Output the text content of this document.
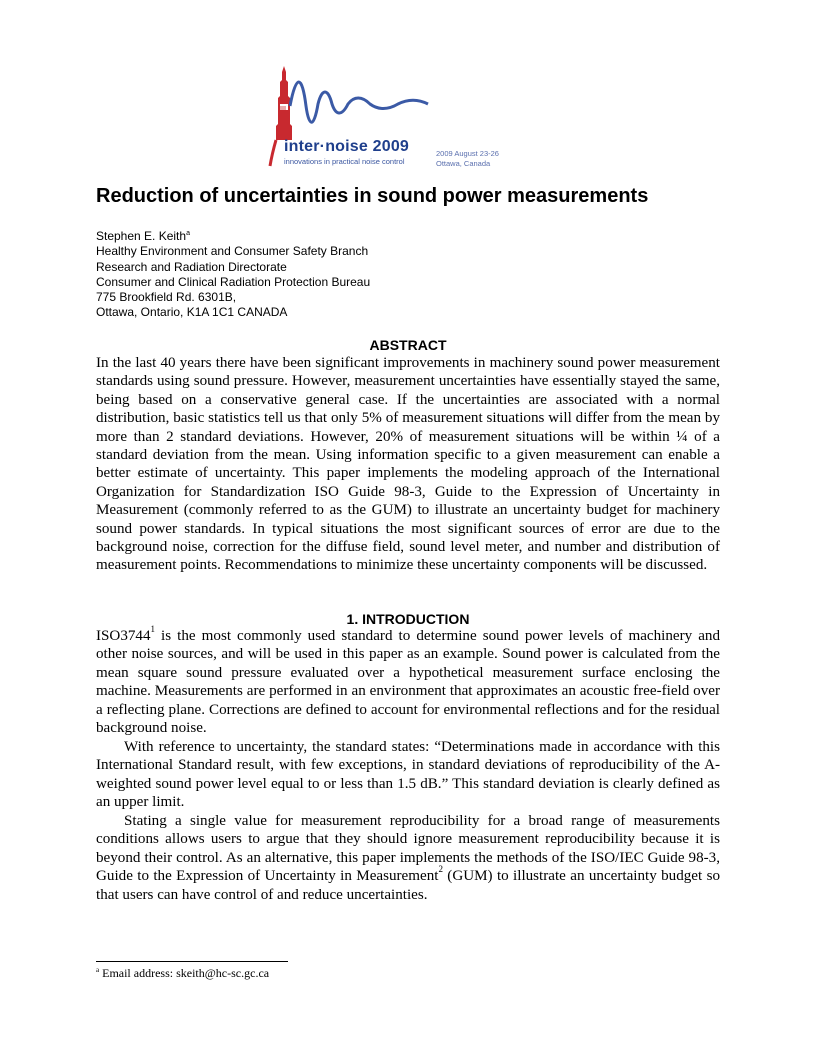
inter·noise 2009
innovations in practical noise control
2009 August 23-26
Ottawa, Canada
Reduction of uncertainties in sound power measurements
Stephen E. Keith$^a$
Healthy Environment and Consumer Safety Branch
Research and Radiation Directorate
Consumer and Clinical Radiation Protection Bureau
775 Brookfield Rd. 6301B,
Ottawa, Ontario, K1A 1C1 CANADA
ABSTRACT

In the last 40 years there have been significant improvements in machinery sound power measurement standards using sound pressure. However, measurement uncertainties have essentially stayed the same, being based on a conservative general case. If the uncertainties are associated with a normal distribution, basic statistics tell us that only 5% of measurement situations will differ from the mean by more than 2 standard deviations. However, 20% of measurement situations will be within ¼ of a standard deviation from the mean. Using information specific to a given measurement can enable a better estimate of uncertainty. This paper implements the modeling approach of the International Organization for Standardization ISO Guide 98-3, Guide to the Expression of Uncertainty in Measurement (commonly referred to as the GUM) to illustrate an uncertainty budget for machinery sound power standards. In typical situations the most significant sources of error are due to the background noise, correction for the diffuse field, sound level meter, and number and distribution of measurement points. Recommendations to minimize these uncertainty components will be discussed.

1. INTRODUCTION

ISO3744$^1$ is the most commonly used standard to determine sound power levels of machinery and other noise sources, and will be used in this paper as an example. Sound power is calculated from the mean square sound pressure evaluated over a hypothetical measurement surface enclosing the machine. Measurements are performed in an environment that approximates an acoustic free-field over a reflecting plane. Corrections are defined to account for environmental reflections and for the residual background noise.

With reference to uncertainty, the standard states: “Determinations made in accordance with this International Standard result, with few exceptions, in standard deviations of reproducibility of the A-weighted sound power level equal to or less than 1.5 dB.” This standard deviation is clearly defined as an upper limit.

Stating a single value for measurement reproducibility for a broad range of measurements conditions allows users to argue that they should ignore measurement reproducibility because it is beyond their control. As an alternative, this paper implements the methods of the ISO/IEC Guide 98-3, Guide to the Expression of Uncertainty in Measurement$^2$ (GUM) to illustrate an uncertainty budget so that users can have control of and reduce uncertainties.

$^a$ Email address: skeith@hc-sc.gc.ca
